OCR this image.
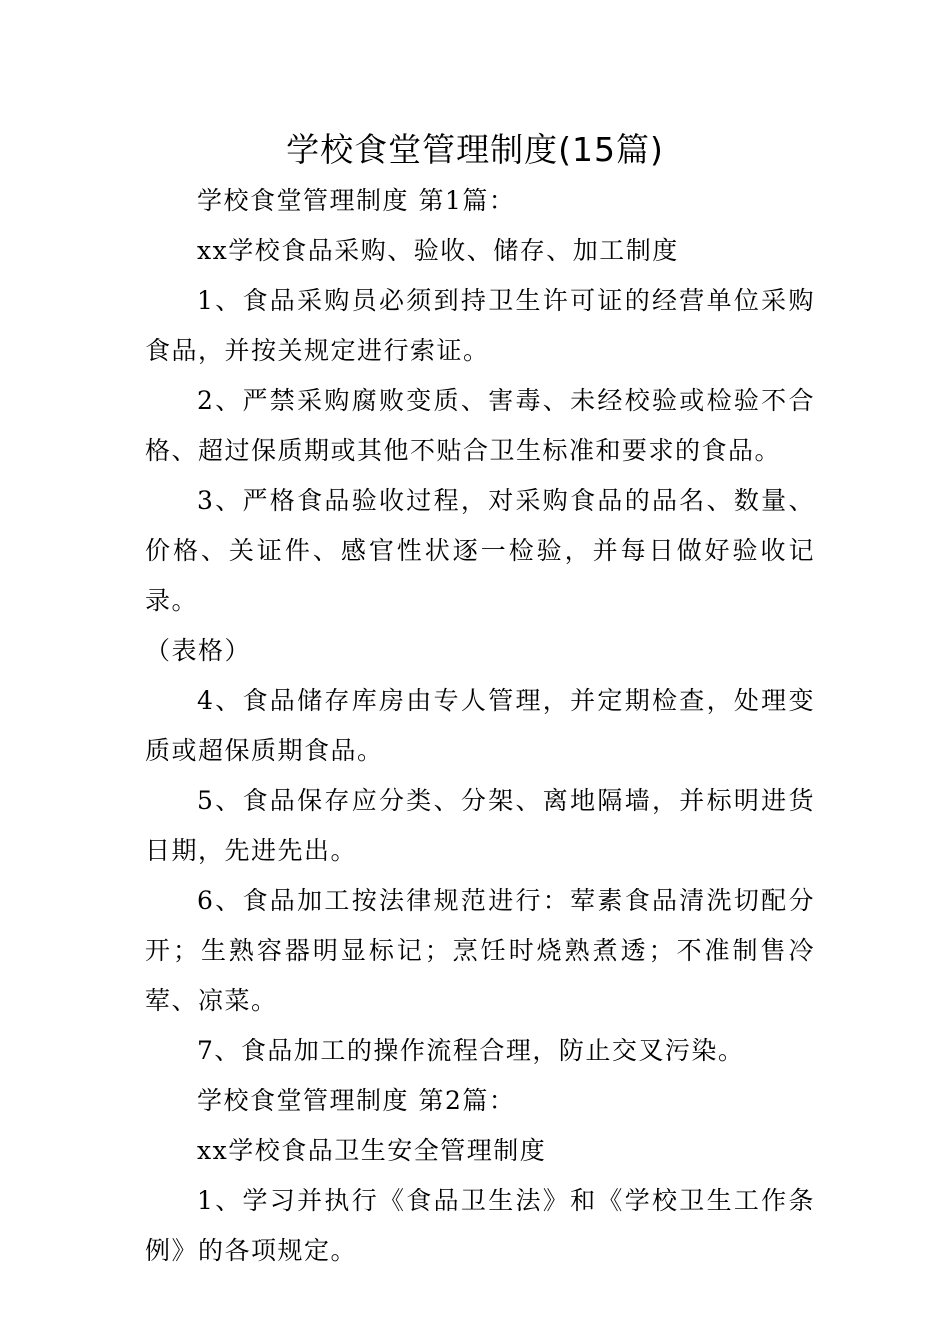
学校食堂管理制度(15篇)

学校食堂管理制度 第1篇：

xx学校食品采购、验收、储存、加工制度

1、食品采购员必须到持卫生许可证的经营单位采购食品，并按关规定进行索证。

2、严禁采购腐败变质、害毒、未经校验或检验不合格、超过保质期或其他不贴合卫生标准和要求的食品。

3、严格食品验收过程，对采购食品的品名、数量、价格、关证件、感官性状逐一检验，并每日做好验收记录。

（表格）

4、食品储存库房由专人管理，并定期检查，处理变质或超保质期食品。

5、食品保存应分类、分架、离地隔墙，并标明进货日期，先进先出。

6、食品加工按法律规范进行：荤素食品清洗切配分开；生熟容器明显标记；烹饪时烧熟煮透；不准制售冷荤、凉菜。

7、食品加工的操作流程合理，防止交叉污染。

学校食堂管理制度 第2篇：

xx学校食品卫生安全管理制度

1、学习并执行《食品卫生法》和《学校卫生工作条例》的各项规定。
